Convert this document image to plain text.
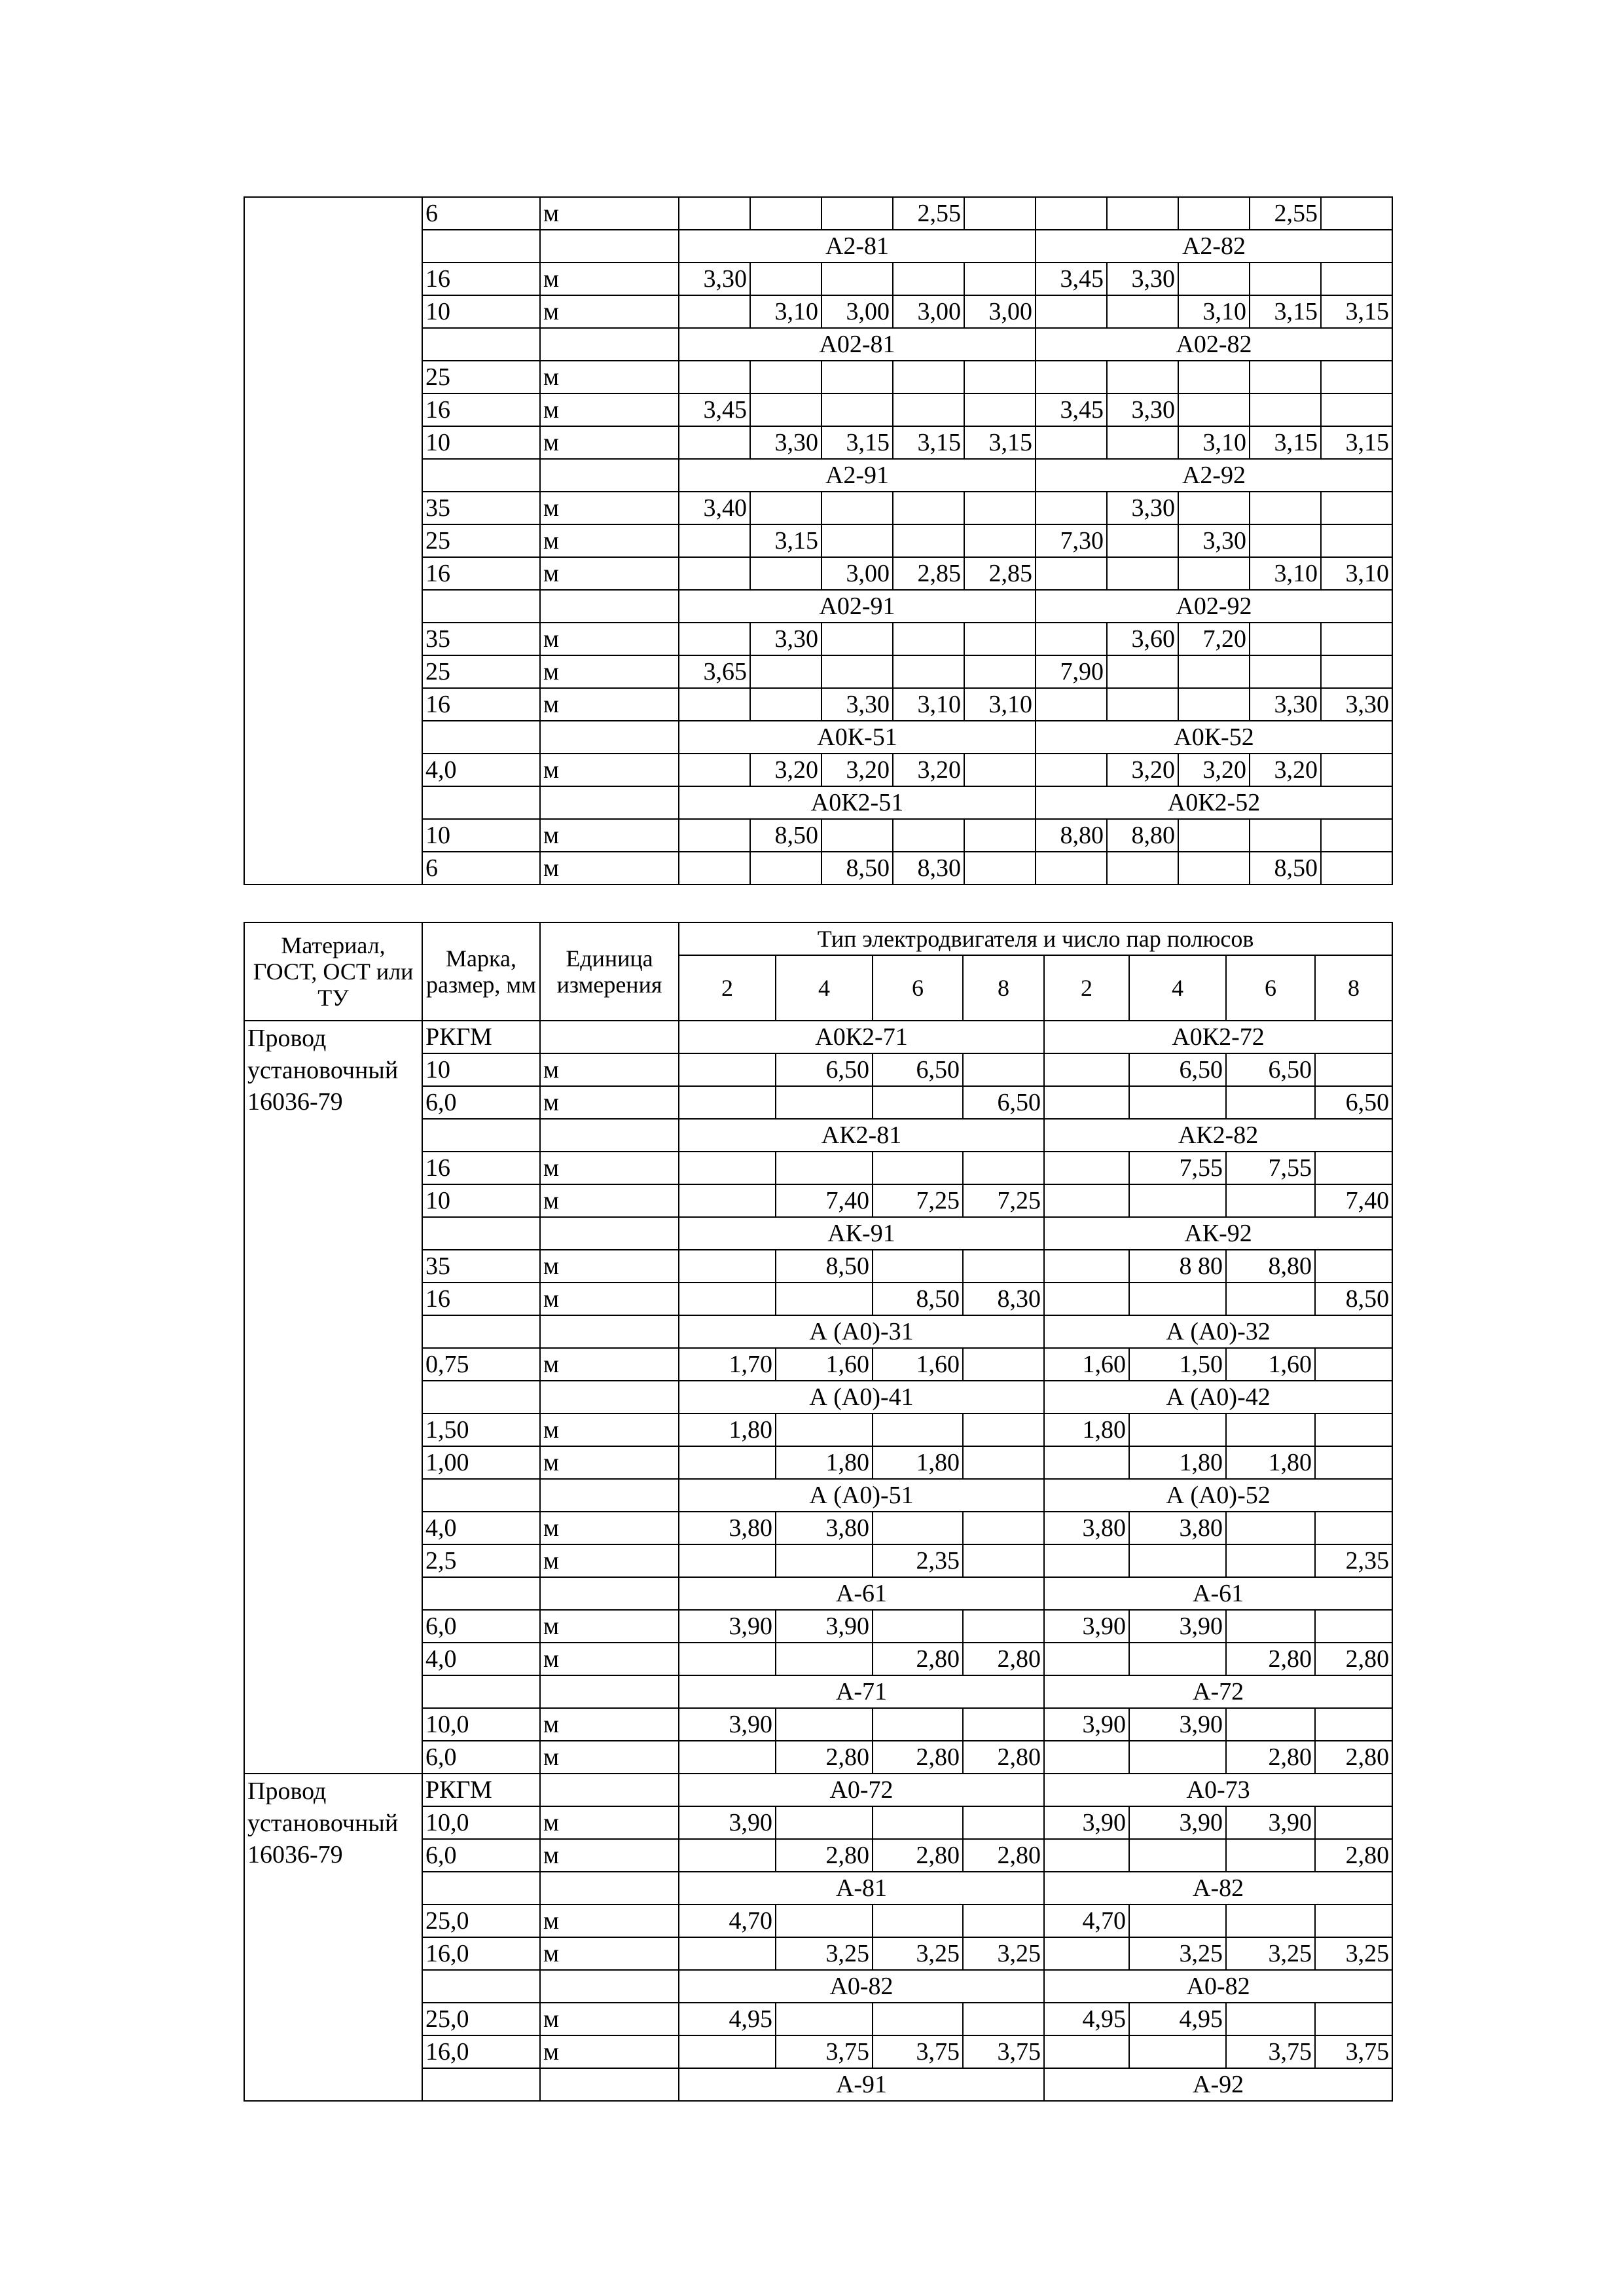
	6	м				2,55					2,55	
			А2-81					А2-82				
	16	м	3,30					3,45	3,30			
	10	м		3,10	3,00	3,00	3,00			3,10	3,15	3,15
			А02-81					А02-82				
	25	м										
	16	м	3,45					3,45	3,30			
	10	м		3,30	3,15	3,15	3,15			3,10	3,15	3,15
			А2-91					А2-92				
	35	м	3,40						3,30			
	25	м		3,15				7,30		3,30		
	16	м			3,00	2,85	2,85				3,10	3,10
			А02-91					А02-92				
	35	м		3,30					3,60	7,20		
	25	м	3,65					7,90				
	16	м			3,30	3,10	3,10				3,30	3,30
			А0К-51					А0К-52				
	4,0	м		3,20	3,20	3,20			3,20	3,20	3,20	
			А0К2-51					А0К2-52				
	10	м		8,50				8,80	8,80			
	6	м			8,50	8,30					8,50	
Материал, ГОСТ, ОСТ или ТУ	Марка, размер, мм	Единица измерения	Тип электродвигателя и число пар полюсов							
			2	4	6	8	2	4	6	8
Провод установочный 16036-79	РКГМ		А0К2-71				А0К2-72			
	10	м		6,50	6,50			6,50	6,50	
	6,0	м				6,50				6,50
			АК2-81				АК2-82			
	16	м						7,55	7,55	
	10	м		7,40	7,25	7,25				7,40
			АК-91				АК-92			
	35	м		8,50				8 80	8,80	
	16	м			8,50	8,30				8,50
			А (А0)-31				А (А0)-32			
	0,75	м	1,70	1,60	1,60		1,60	1,50	1,60	
			А (А0)-41				А (А0)-42			
	1,50	м	1,80				1,80			
	1,00	м		1,80	1,80			1,80	1,80	
			А (А0)-51				А (А0)-52			
	4,0	м	3,80	3,80			3,80	3,80		
	2,5	м			2,35					2,35
			А-61				А-61			
	6,0	м	3,90	3,90			3,90	3,90		
	4,0	м			2,80	2,80			2,80	2,80
			А-71				А-72			
	10,0	м	3,90				3,90	3,90		
	6,0	м		2,80	2,80	2,80			2,80	2,80
Провод установочный 16036-79	РКГМ		А0-72				А0-73			
	10,0	м	3,90				3,90	3,90	3,90	
	6,0	м		2,80	2,80	2,80				2,80
			А-81				А-82			
	25,0	м	4,70				4,70			
	16,0	м		3,25	3,25	3,25		3,25	3,25	3,25
			А0-82				А0-82			
	25,0	м	4,95				4,95	4,95		
	16,0	м		3,75	3,75	3,75			3,75	3,75
			А-91				А-92			
